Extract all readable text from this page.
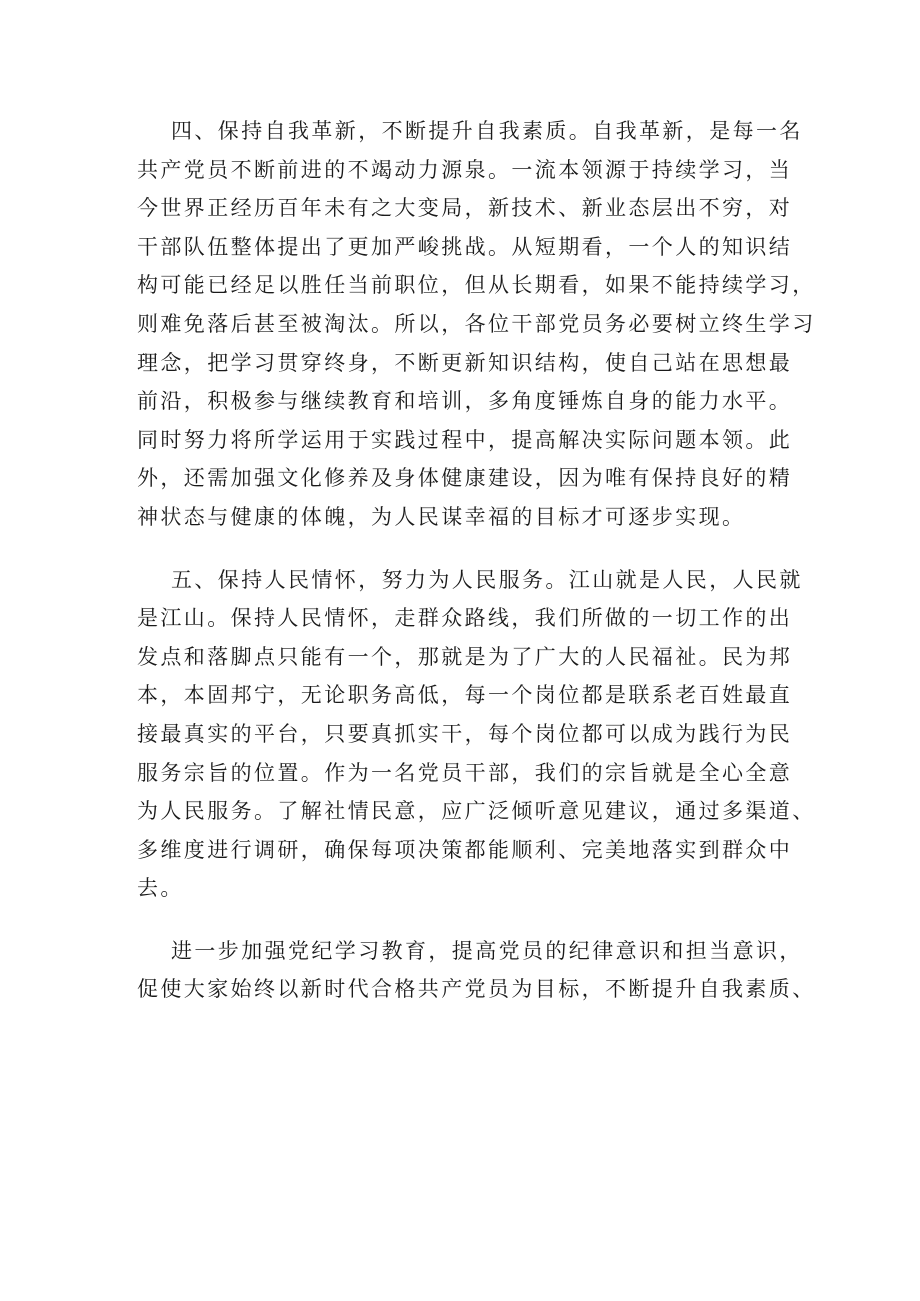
四、保持自我革新，不断提升自我素质。自我革新，是每一名
共产党员不断前进的不竭动力源泉。一流本领源于持续学习，当
今世界正经历百年未有之大变局，新技术、新业态层出不穷，对
干部队伍整体提出了更加严峻挑战。从短期看，一个人的知识结
构可能已经足以胜任当前职位，但从长期看，如果不能持续学习，
则难免落后甚至被淘汰。所以，各位干部党员务必要树立终生学习
理念，把学习贯穿终身，不断更新知识结构，使自己站在思想最
前沿，积极参与继续教育和培训，多角度锤炼自身的能力水平。
同时努力将所学运用于实践过程中，提高解决实际问题本领。此
外，还需加强文化修养及身体健康建设，因为唯有保持良好的精
神状态与健康的体魄，为人民谋幸福的目标才可逐步实现。

五、保持人民情怀，努力为人民服务。江山就是人民，人民就
是江山。保持人民情怀，走群众路线，我们所做的一切工作的出
发点和落脚点只能有一个，那就是为了广大的人民福祉。民为邦
本，本固邦宁，无论职务高低，每一个岗位都是联系老百姓最直
接最真实的平台，只要真抓实干，每个岗位都可以成为践行为民
服务宗旨的位置。作为一名党员干部，我们的宗旨就是全心全意
为人民服务。了解社情民意，应广泛倾听意见建议，通过多渠道、
多维度进行调研，确保每项决策都能顺利、完美地落实到群众中
去。

进一步加强党纪学习教育，提高党员的纪律意识和担当意识，
促使大家始终以新时代合格共产党员为目标，不断提升自我素质、
